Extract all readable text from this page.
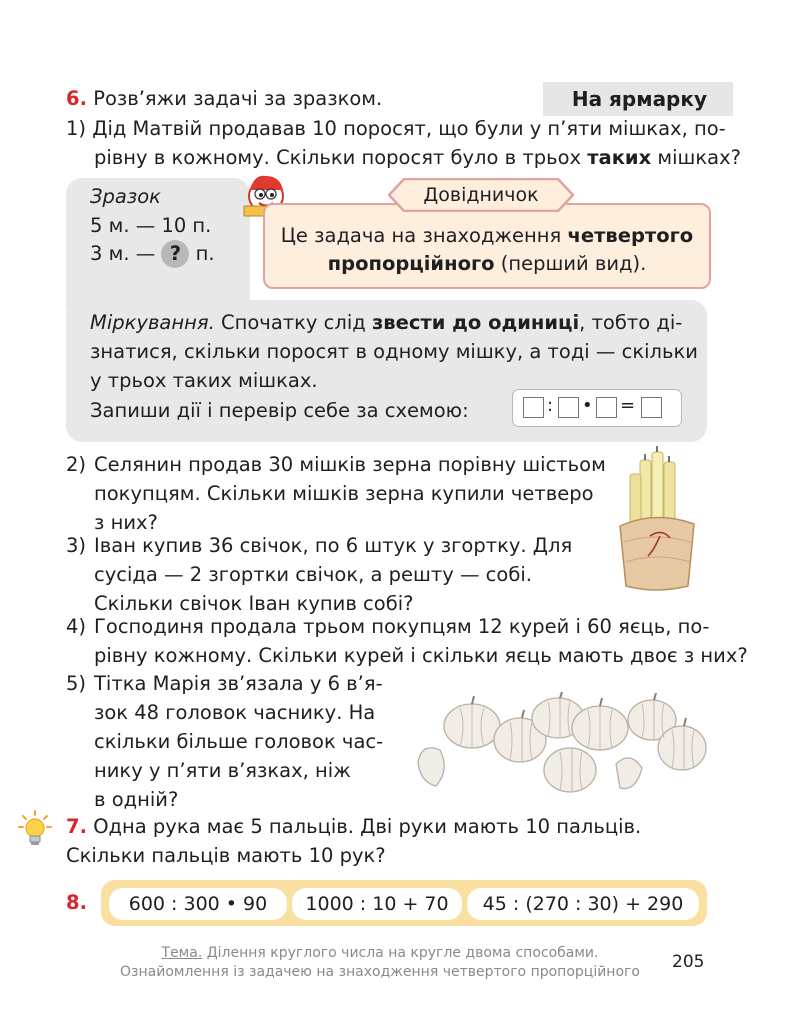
6. Розв’яжи задачі за зразком.	На ярмарку
1) Дід Матвій продавав 10 поросят, що були у п’яти мішках, по-
рівну в кожному. Скільки поросят було в трьох таких мішках?
Зразок
5 м. — 10 п.
3 м. — ? п.
Довідничок
Це задача на знаходження четвертого
пропорційного (перший вид).
Міркування. Спочатку слід звести до одиниці, тобто ді-
знатися, скільки поросят в одному мішку, а тоді — скільки
у трьох таких мішках.
Запиши дії і перевір себе за схемою:	: • =
2) Селянин продав 30 мішків зерна порівну шістьом
покупцям. Скільки мішків зерна купили четверо
з них?
3) Іван купив 36 свічок, по 6 штук у згортку. Для
сусіда — 2 згортки свічок, а решту — собі.
Скільки свічок Іван купив собі?
4) Господиня продала трьом покупцям 12 курей і 60 яєць, по-
рівну кожному. Скільки курей і скільки яєць мають двоє з них?
5) Тітка Марія зв’язала у 6 в’я-
зок 48 головок часнику. На
скільки більше головок час-
нику у п’яти в’язках, ніж
в одній?
7. Одна рука має 5 пальців. Дві руки мають 10 пальців.
Скільки пальців мають 10 рук?
8.	600 : 300 • 90	1000 : 10 + 70	45 : (270 : 30) + 290
Тема. Ділення круглого числа на кругле двома способами.
Ознайомлення із задачею на знаходження четвертого пропорційного	205
